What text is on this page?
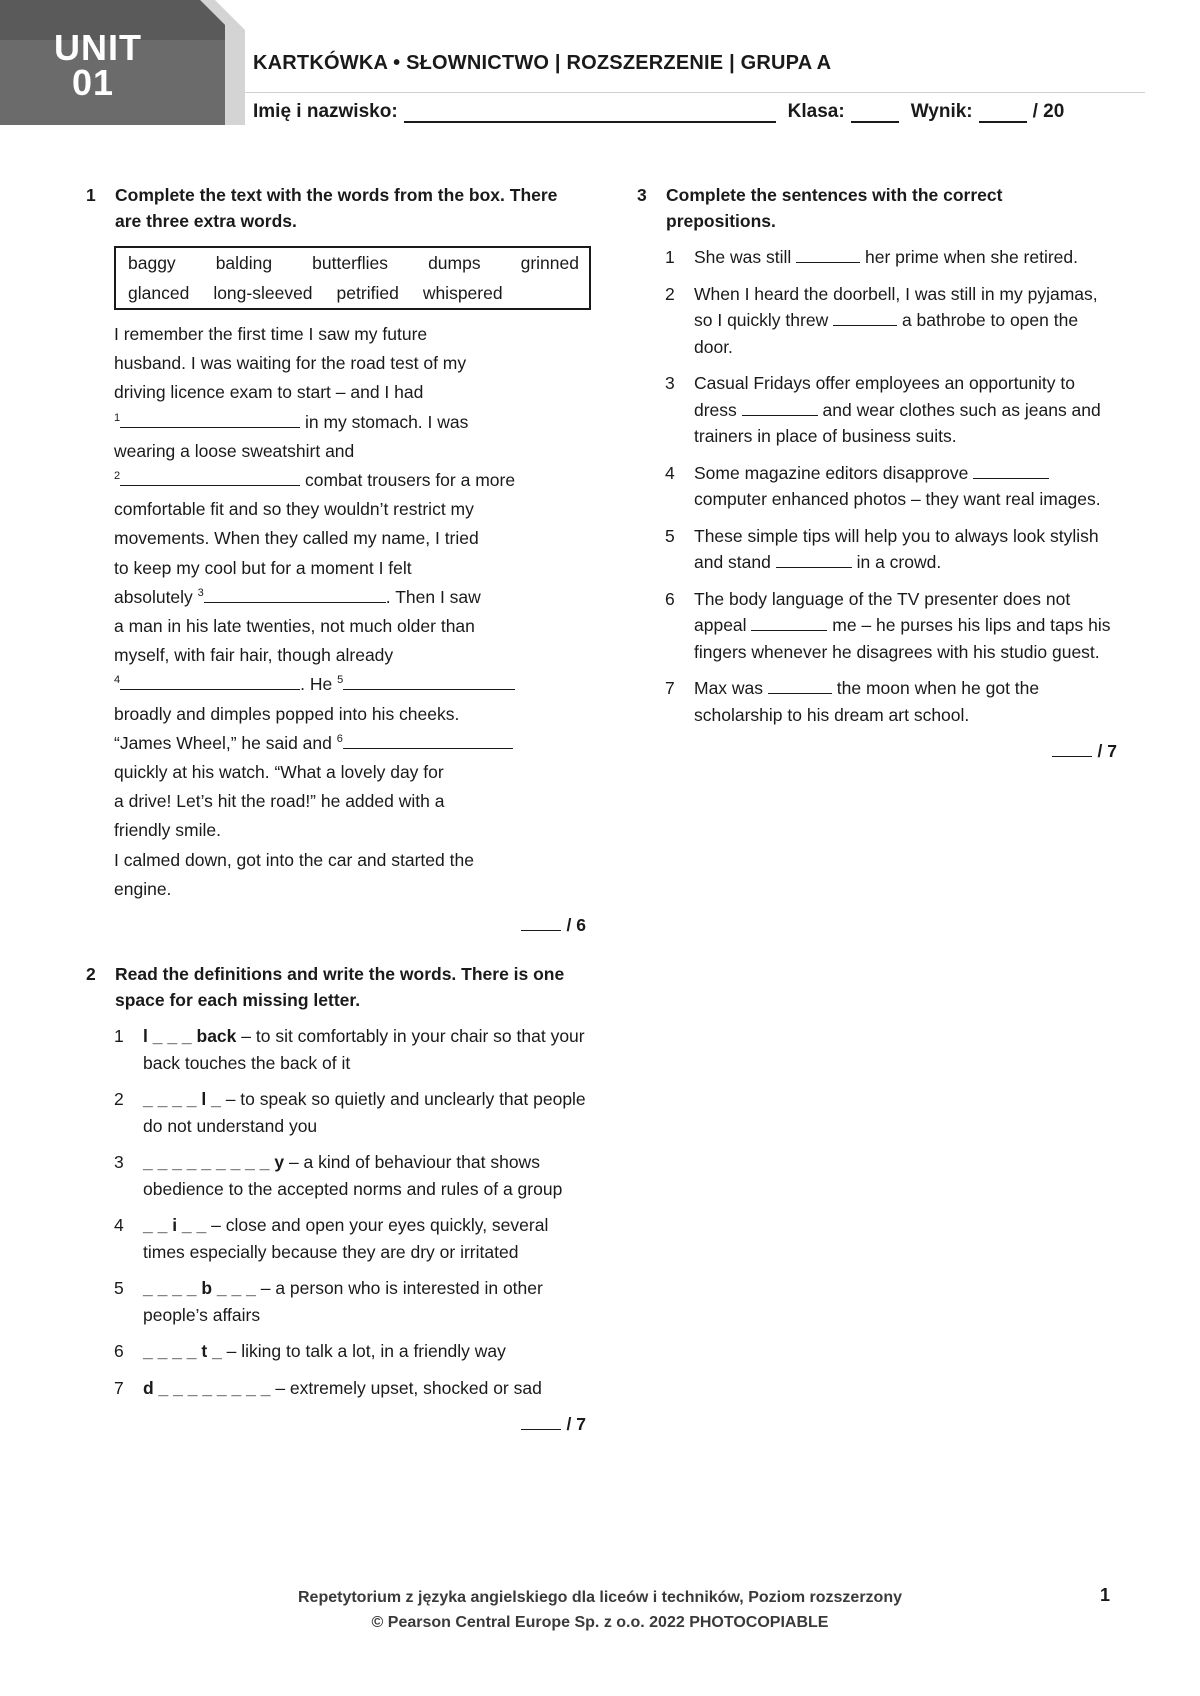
UNIT
01	KARTKÓWKA • SŁOWNICTWO | ROZSZERZENIE | GRUPA A
Imię i nazwisko:	Klasa:	Wynik:	/ 20
1	Complete the text with the words from the box. There are three extra words.
baggy balding butterflies dumps grinned
glanced long-sleeved petrified whispered
I remember the first time I saw my future
husband. I was waiting for the road test of my
driving licence exam to start – and I had
$^1$	in my stomach. I was
wearing a loose sweatshirt and
$^2$	combat trousers for a more
comfortable fit and so they wouldn’t restrict my
movements. When they called my name, I tried
to keep my cool but for a moment I felt
absolutely $^3$	. Then I saw
a man in his late twenties, not much older than
myself, with fair hair, though already
$^4$	. He $^5$
broadly and dimples popped into his cheeks.
“James Wheel,” he said and $^6$
quickly at his watch. “What a lovely day for
a drive! Let’s hit the road!” he added with a
friendly smile.
I calmed down, got into the car and started the
engine.
/ 6
2	Read the definitions and write the words. There is one space for each missing letter.
1	l _ _ _ back – to sit comfortably in your chair so that your back touches the back of it
2	_ _ _ _ l _ – to speak so quietly and unclearly that people do not understand you
3	_ _ _ _ _ _ _ _ _ y – a kind of behaviour that shows obedience to the accepted norms and rules of a group
4	_ _ i _ _ – close and open your eyes quickly, several times especially because they are dry or irritated
5	_ _ _ _ b _ _ _ – a person who is interested in other people’s affairs
6	_ _ _ _ t _ – liking to talk a lot, in a friendly way
7	d _ _ _ _ _ _ _ _ – extremely upset, shocked or sad
/ 7
3	Complete the sentences with the correct prepositions.
1	She was still	her prime when she retired.
2	When I heard the doorbell, I was still in my pyjamas, so I quickly threw	a bathrobe to open the door.
3	Casual Fridays offer employees an opportunity to dress	and wear clothes such as jeans and trainers in place of business suits.
4	Some magazine editors disapprove  computer enhanced photos – they want real images.
5	These simple tips will help you to always look stylish and stand	in a crowd.
6	The body language of the TV presenter does not appeal	me – he purses his lips and taps his fingers whenever he disagrees with his studio guest.
7	Max was	the moon when he got the scholarship to his dream art school.
/ 7
Repetytorium z języka angielskiego dla liceów i techników, Poziom rozszerzony
© Pearson Central Europe Sp. z o.o. 2022 PHOTOCOPIABLE
1
